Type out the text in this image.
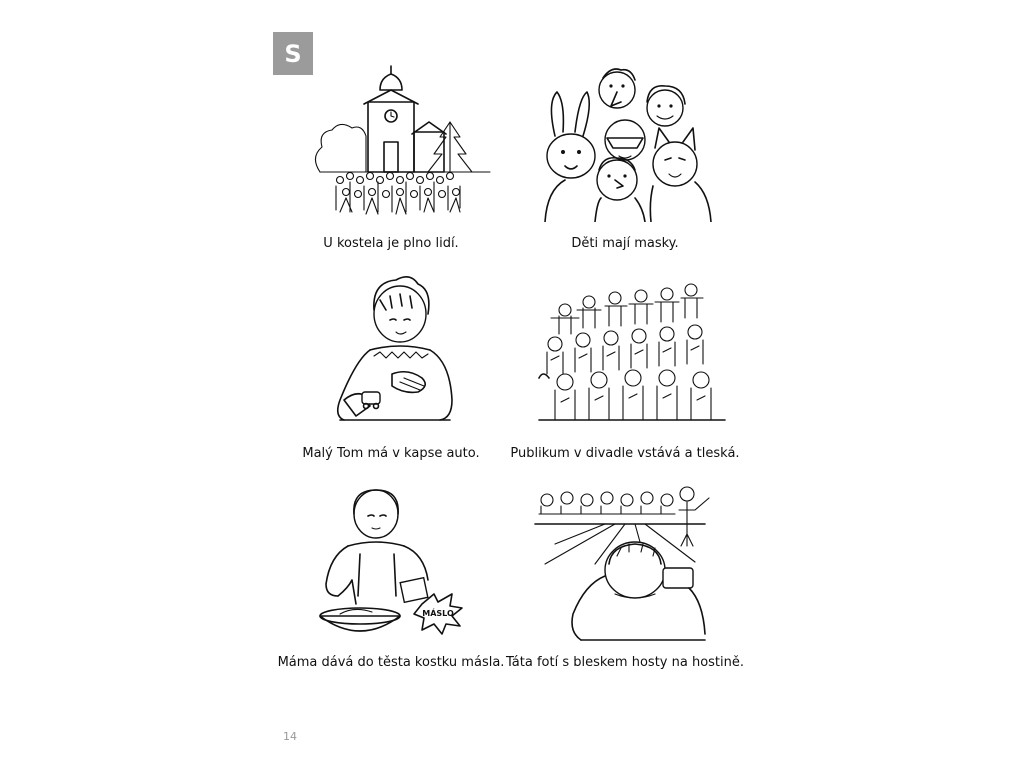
S
U kostela je plno lidí.	Děti mají masky.
Malý Tom má v kapse auto.	Publikum v divadle vstává a tleská.
MÁSLO
Máma dává do těsta kostku másla. Táta fotí s bleskem hosty na hostině.
14
